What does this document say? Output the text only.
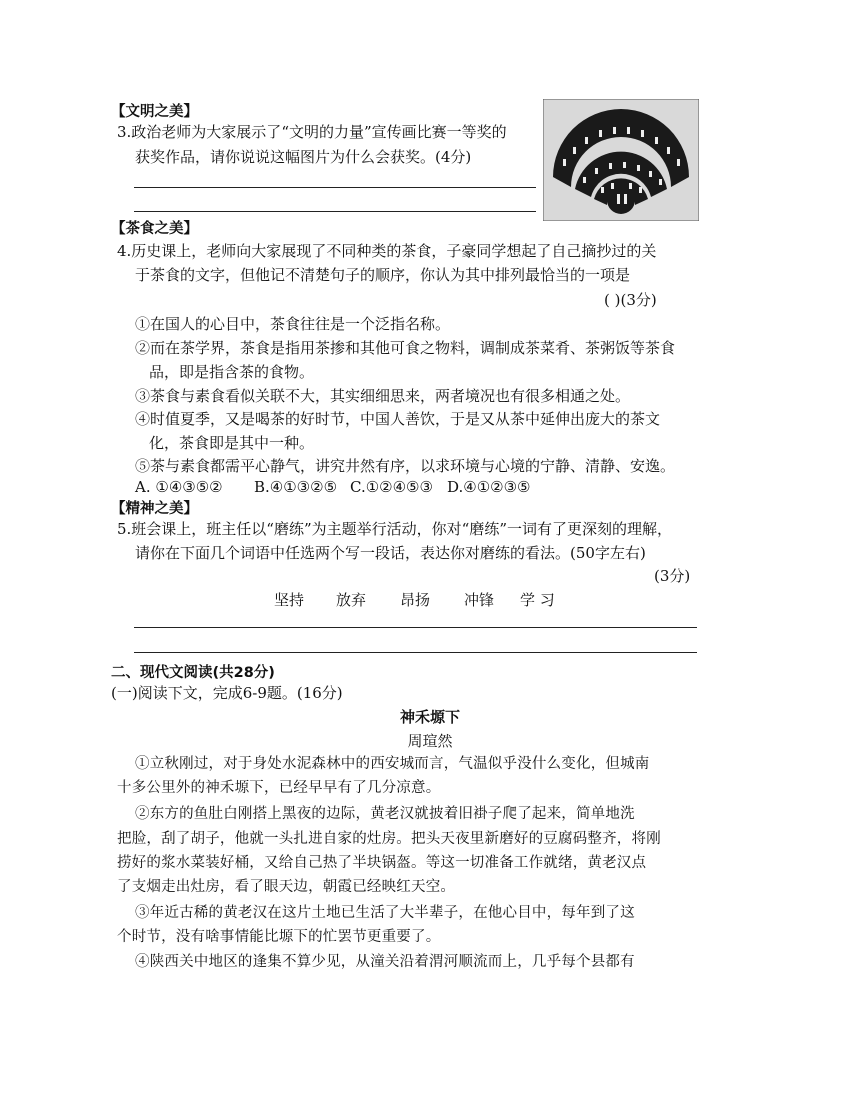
【文明之美】
3.政治老师为大家展示了“文明的力量”宣传画比赛一等奖的
获奖作品，请你说说这幅图片为什么会获奖。(4分)
【茶食之美】
4.历史课上，老师向大家展现了不同种类的茶食，子豪同学想起了自己摘抄过的关
于茶食的文字，但他记不清楚句子的顺序，你认为其中排列最恰当的一项是
( )(3分)
①在国人的心目中，茶食往往是一个泛指名称。
②而在茶学界，茶食是指用茶掺和其他可食之物料，调制成茶菜肴、茶粥饭等茶食
品，即是指含茶的食物。
③茶食与素食看似关联不大，其实细细思来，两者境况也有很多相通之处。
④时值夏季，又是喝茶的好时节，中国人善饮，于是又从茶中延伸出庞大的茶文
化，茶食即是其中一种。
⑤茶与素食都需平心静气，讲究井然有序，以求环境与心境的宁静、清静、安逸。
A. ①④③⑤② B.④①③②⑤ C.①②④⑤③ D.④①②③⑤
【精神之美】
5.班会课上，班主任以“磨练”为主题举行活动，你对“磨练”一词有了更深刻的理解，
请你在下面几个词语中任选两个写一段话，表达你对磨练的看法。(50字左右)
(3分)
坚持 放弃 昂扬 冲锋 学 习
二、现代文阅读(共28分)
(一)阅读下文，完成6-9题。(16分)
神禾塬下
周瑄然
①立秋刚过，对于身处水泥森林中的西安城而言，气温似乎没什么变化，但城南
十多公里外的神禾塬下，已经早早有了几分凉意。
②东方的鱼肚白刚搭上黑夜的边际，黄老汉就披着旧褂子爬了起来，简单地洗
把脸，刮了胡子，他就一头扎进自家的灶房。把头天夜里新磨好的豆腐码整齐，将刚
捞好的浆水菜装好桶，又给自己热了半块锅盔。等这一切准备工作就绪，黄老汉点
了支烟走出灶房，看了眼天边，朝霞已经映红天空。
③年近古稀的黄老汉在这片土地已生活了大半辈子，在他心目中，每年到了这
个时节，没有啥事情能比塬下的忙罢节更重要了。
④陕西关中地区的逢集不算少见，从潼关沿着渭河顺流而上，几乎每个县都有
